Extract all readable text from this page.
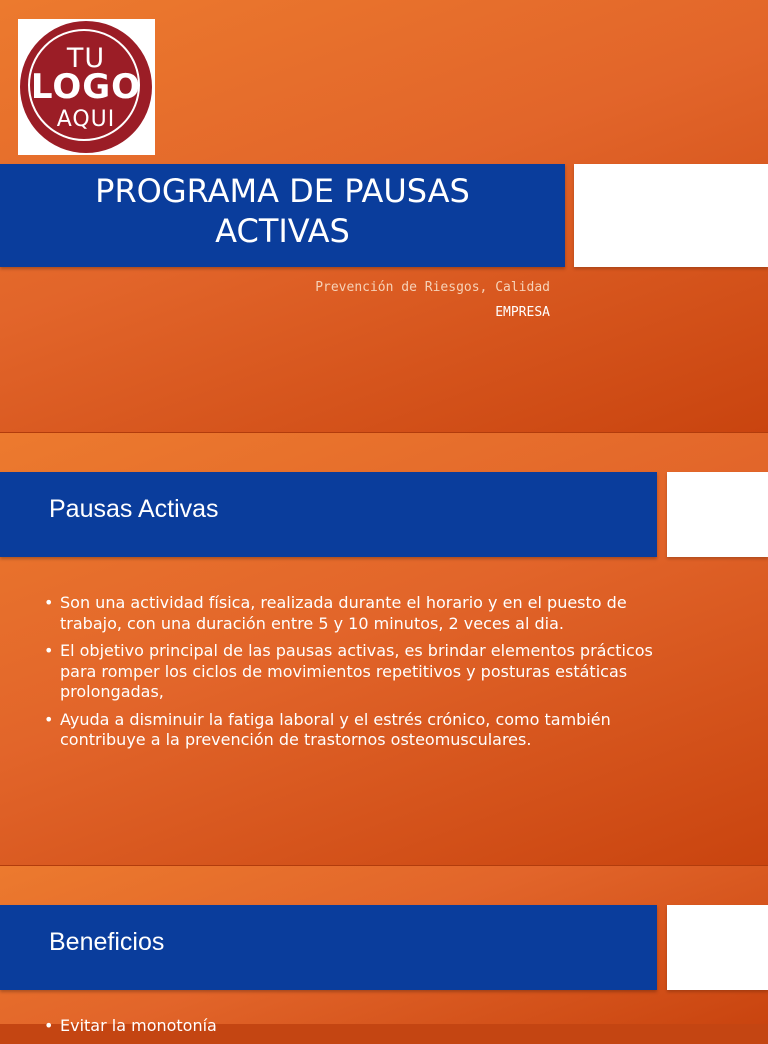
TU
LOGO
AQUI
PROGRAMA DE PAUSAS
ACTIVAS
Prevención de Riesgos, Calidad
EMPRESA
Pausas Activas
• Son una actividad física, realizada durante el horario y en el puesto de trabajo, con una duración entre 5 y 10 minutos, 2 veces al dia.
• El objetivo principal de las pausas activas, es brindar elementos prácticos para romper los ciclos de movimientos repetitivos y posturas estáticas prolongadas,
• Ayuda a disminuir la fatiga laboral y el estrés crónico, como también contribuye a la prevención de trastornos osteomusculares.
Beneficios
• Evitar la monotonía
